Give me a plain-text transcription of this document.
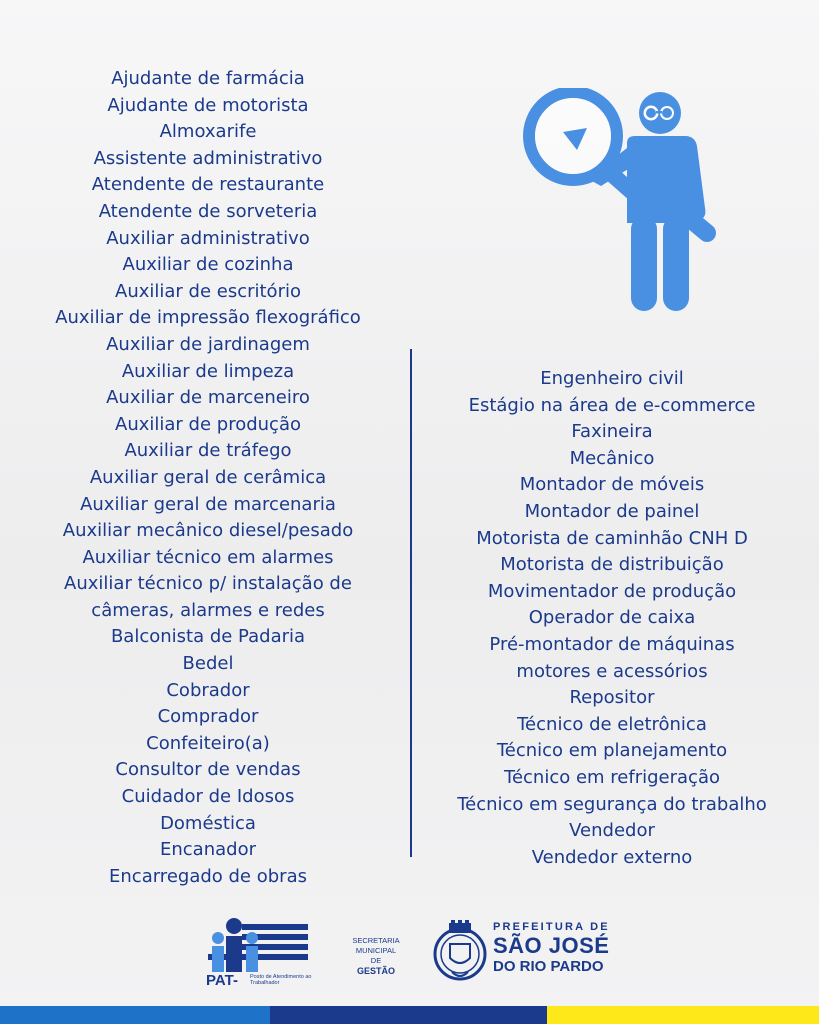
Ajudante de farmácia
Ajudante de motorista
Almoxarife
Assistente administrativo
Atendente de restaurante
Atendente de sorveteria
Auxiliar administrativo
Auxiliar de cozinha
Auxiliar de escritório
Auxiliar de impressão flexográfico
Auxiliar de jardinagem
Auxiliar de limpeza
Auxiliar de marceneiro
Auxiliar de produção
Auxiliar de tráfego
Auxiliar geral de cerâmica
Auxiliar geral de marcenaria
Auxiliar mecânico diesel/pesado
Auxiliar técnico em alarmes
Auxiliar técnico p/ instalação de
câmeras, alarmes e redes
Balconista de Padaria
Bedel
Cobrador
Comprador
Confeiteiro(a)
Consultor de vendas
Cuidador de Idosos
Doméstica
Encanador
Encarregado de obras
Engenheiro civil
Estágio na área de e-commerce
Faxineira
Mecânico
Montador de móveis
Montador de painel
Motorista de caminhão CNH D
Motorista de distribuição
Movimentador de produção
Operador de caixa
Pré-montador de máquinas
motores e acessórios
Repositor
Técnico de eletrônica
Técnico em planejamento
Técnico em refrigeração
Técnico em segurança do trabalho
Vendedor
Vendedor externo
PAT- Posto de Atendimento ao Trabalhador
SECRETARIA
MUNICIPAL DE
GESTÃO
PREFEITURA DE
SÃO JOSÉ
DO RIO PARDO
